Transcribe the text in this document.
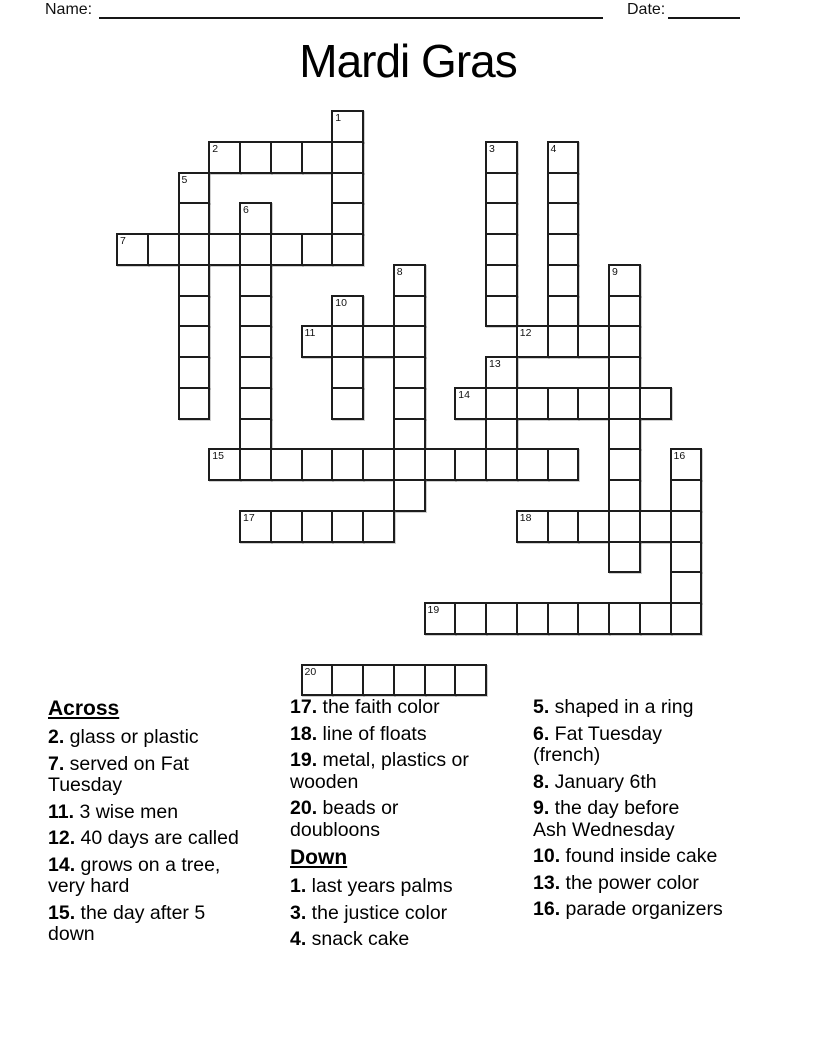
Name:	Date:
Mardi Gras
1
2	3	4
5
6
7
8	9
10
11	12
13
14
15	16
17	18
19
20
Across
2. glass or plastic
7. served on Fat
Tuesday
11. 3 wise men
12. 40 days are called
14. grows on a tree,
very hard
15. the day after 5
down
17. the faith color
18. line of floats
19. metal, plastics or
wooden
20. beads or
doubloons
Down
1. last years palms
3. the justice color
4. snack cake
5. shaped in a ring
6. Fat Tuesday
(french)
8. January 6th
9. the day before
Ash Wednesday
10. found inside cake
13. the power color
16. parade organizers
